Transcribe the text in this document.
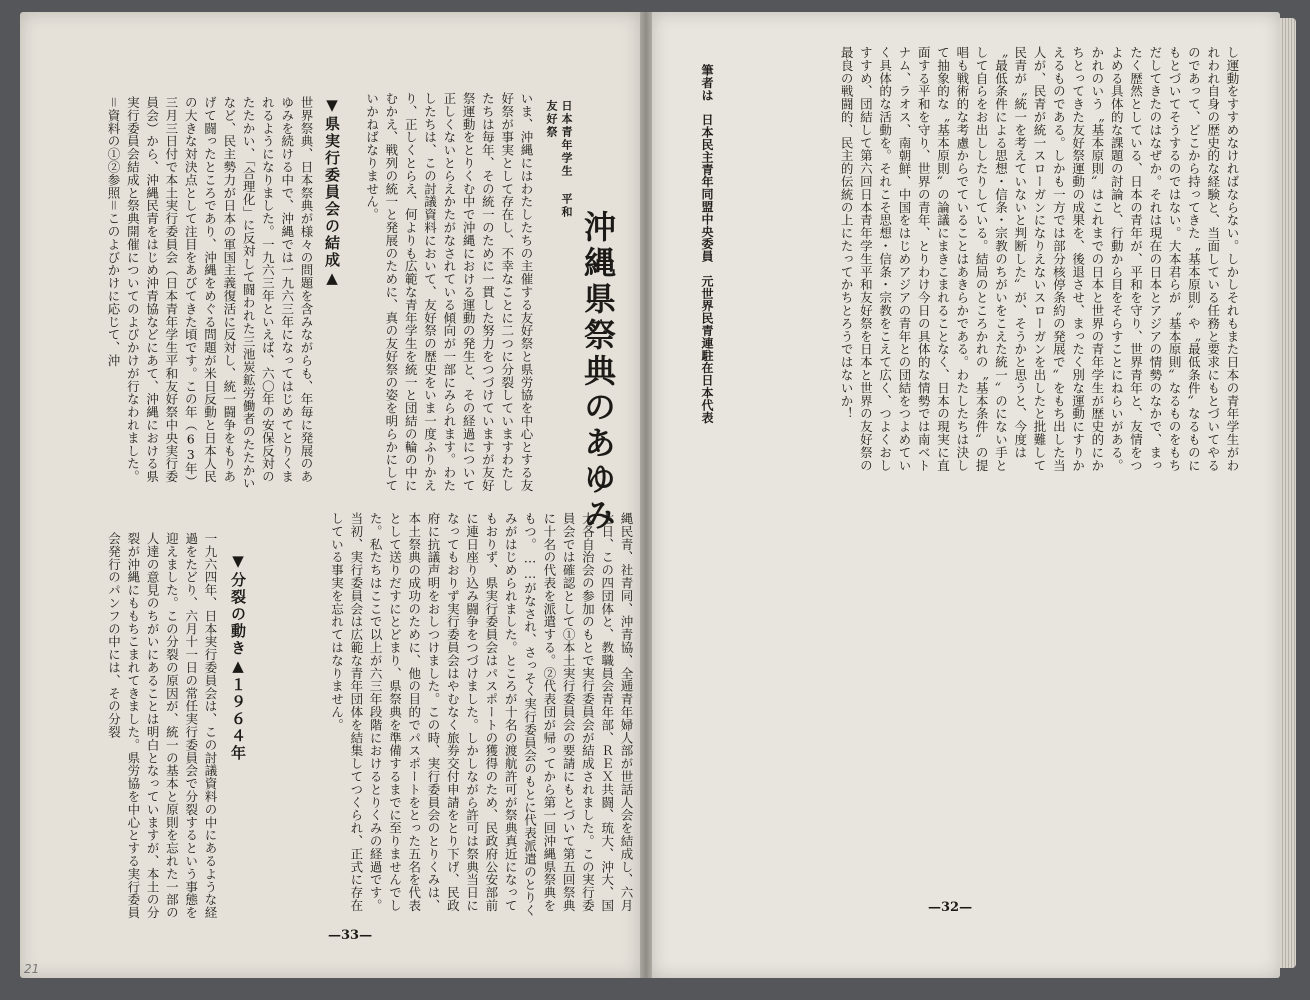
沖縄県祭典のあゆみ
日本青年学生 平和友好祭
いま、沖縄にはわたしたちの主催する友好祭と県労協を中心とする友好祭が事実として存在し、不幸なことに二つに分裂していますわたしたちは毎年、その統一のために一貫した努力をつづけていますが友好祭運動をとりくむ中で沖縄における運動の発生と、その経過について正しくないとらえかたがなされている傾向が一部にみられます。わたしたちは、この討議資料において、友好祭の歴史をいま一度ふりかえり、正しくとらえ、何よりも広範な青年学生を統一と団結の輪の中にむかえ、戦列の統一と発展のために、真の友好祭の姿を明らかにしていかねばなりません。
▼県実行委員会の結成▲
世界祭典、日本祭典が様々の問題を含みながらも、年毎に発展のあゆみを続ける中で、沖縄では一九六三年になってはじめてとりくまれるようになりました。一九六三年といえば、六〇年の安保反対のたたかい、「合理化」に反対して闘われた三池炭鉱労働者のたたかいなど、民主勢力が日本の軍国主義復活に反対し、統一闘争をもりあげて闘ったところであり、沖縄をめぐる問題が米日反動と日本人民の大きな対決点として注目をあびてきた頃です。この年（63年）三月三日付で本土実行委員会（日本青年学生平和友好祭中央実行委員会）から、沖縄民青をはじめ沖青協などにあて、沖縄における県実行委員会結成と祭典開催についてのよびかけが行なわれました。＝資料の①②参照＝このよびかけに応じて、沖
縄民青、社青同、沖青協、全逓青年婦人部が世話人会を結成し、六月七日、この四団体と、教職員会青年部、ＲＥＸ共闘、琉大、沖大、国大各自治会の参加のもとで実行委員会が結成されました。この実行委員会では確認として①本土実行委員会の要請にもとづいて第五回祭典に十名の代表を派遣する。②代表団が帰ってから第一回沖縄県祭典をもつ。……がなされ、さっそく実行委員会のもとに代表派遣のとりくみがはじめられました。ところが十名の渡航許可が祭典真近になってもおりず、県実行委員会はパスポートの獲得のため、民政府公安部前に連日座り込み闘争をつづけました。しかしながら許可は祭典当日になってもおりず実行委員会はやむなく旅券交付申請をとり下げ、民政府に抗議声明をおしつけました。この時、実行委員会のとりくみは、本土祭典の成功のために、他の目的でパスポートをとった五名を代表として送りだすにとどまり、県祭典を準備するまでに至りませんでした。私たちはここで以上が六三年段階におけるとりくみの経過です。当初、実行委員会は広範な青年団体を結集してつくられ、正式に存在している事実を忘れてはなりません。
▼分裂の動き▲１９６４年
一九六四年、日本実行委員会は、この討議資料の中にあるような経過をたどり、六月十一日の常任実行委員会で分裂するという事態を迎えました。この分裂の原因が、統一の基本と原則を忘れた一部の人達の意見のちがいにあることは明白となっていますが、本土の分裂が沖縄にももちこまれてきました。県労協を中心とする実行委員会発行のパンフの中には、その分裂
—33—
21
し運動をすすめなければならない。しかしそれもまた日本の青年学生がわれわれ自身の歴史的な経験と、当面している任務と要求にもとづいてやるのであって、どこから持ってきた〝基本原則〟や〝最低条件〟なるものにもとづいてそうするのではない。大本君らが〝基本原則〟なるものをもちだしてきたのはなぜか。それは現在の日本とアジアの情勢のなかで、まったく歴然としている、日本の青年が、平和を守り、世界青年と、友情をつよめる具体的な課題の討論と、行動から目をそらすことにねらいがある。かれのいう〝基本原則〟はこれまでの日本と世界の青年学生が歴史的にかちとってきた友好祭運動の成果を、後退させ、まったく別な運動にすりかえるものである。しかも一方では部分核停条約の発展で〟をもち出した当人が、民青が統一スローガンになりえないスローガンを出したと批難して民青が〝統一を考えていないと判断した〟が、そうかと思うと、今度は〝最低条件による思想・信条・宗教のちがいをこえた統一〟のにない手として自らをお出ししたりしている。結局のところかれの〝基本条件〟の提唱も戦術的な考慮からでていることはあきらかである。わたしたちは決して抽象的な〝基本原則〟の論議にまきこまれることなく、日本の現実に直面する平和を守り、世界の青年、とりわけ今日の具体的な情勢では南ベトナム、ラオス、南朝鮮、中国をはじめアジアの青年との団結をつよめていく具体的な活動を。それこそ思想・信条・宗教をこえて広く、つよくおしすすめ、団結して第六回日本青年学生平和友好祭を日本と世界の友好祭の最良の戦闘的、民主的伝統の上にたってかちとろうではないか！
筆者は　日本民主青年同盟中央委員　元世界民青連駐在日本代表
—32—
